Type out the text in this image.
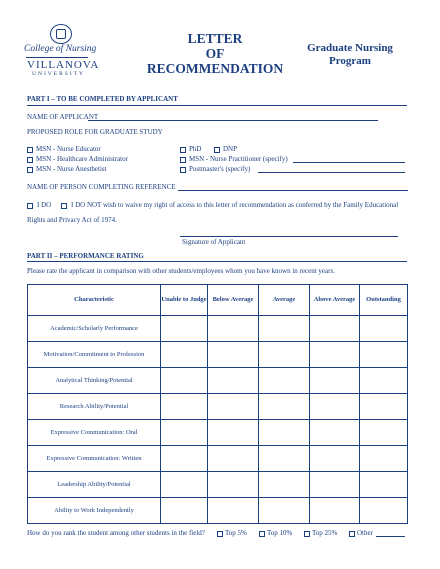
College of Nursing
VILLANOVA
UNIVERSITY
LETTER
OF
RECOMMENDATION
Graduate Nursing
Program
PART I – TO BE COMPLETED BY APPLICANT
NAME OF APPLICANT
PROPOSED ROLE FOR GRADUATE STUDY
MSN - Nurse Educator
MSN - Healthcare Administrator
MSN - Nurse Anesthetist
PhD	DNP
MSN - Nurse Practitioner (specify)
Postmaster's (specify)
NAME OF PERSON COMPLETING REFERENCE
I DO	I DO NOT wish to waive my right of access to this letter of recommendation as conferred by the Family Educational
Rights and Privacy Act of 1974.
Signature of Applicant
PART II – PERFORMANCE RATING
Please rate the applicant in comparison with other students/employees whom you have known in recent years.
Characteristic	Unable to Judge	Below Average	Average	Above Average	Outstanding
Academic/Scholarly Performance					
Motivation/Commitment to Profession					
Analytical Thinking/Potential					
Research Ability/Potential					
Expressive Communication: Oral					
Expressive Communication: Written					
Leadership Ability/Potential					
Ability to Work Independently					
How do you rank the student among other students in the field?	Top 5%	Top 10%	Top 25%	Other
